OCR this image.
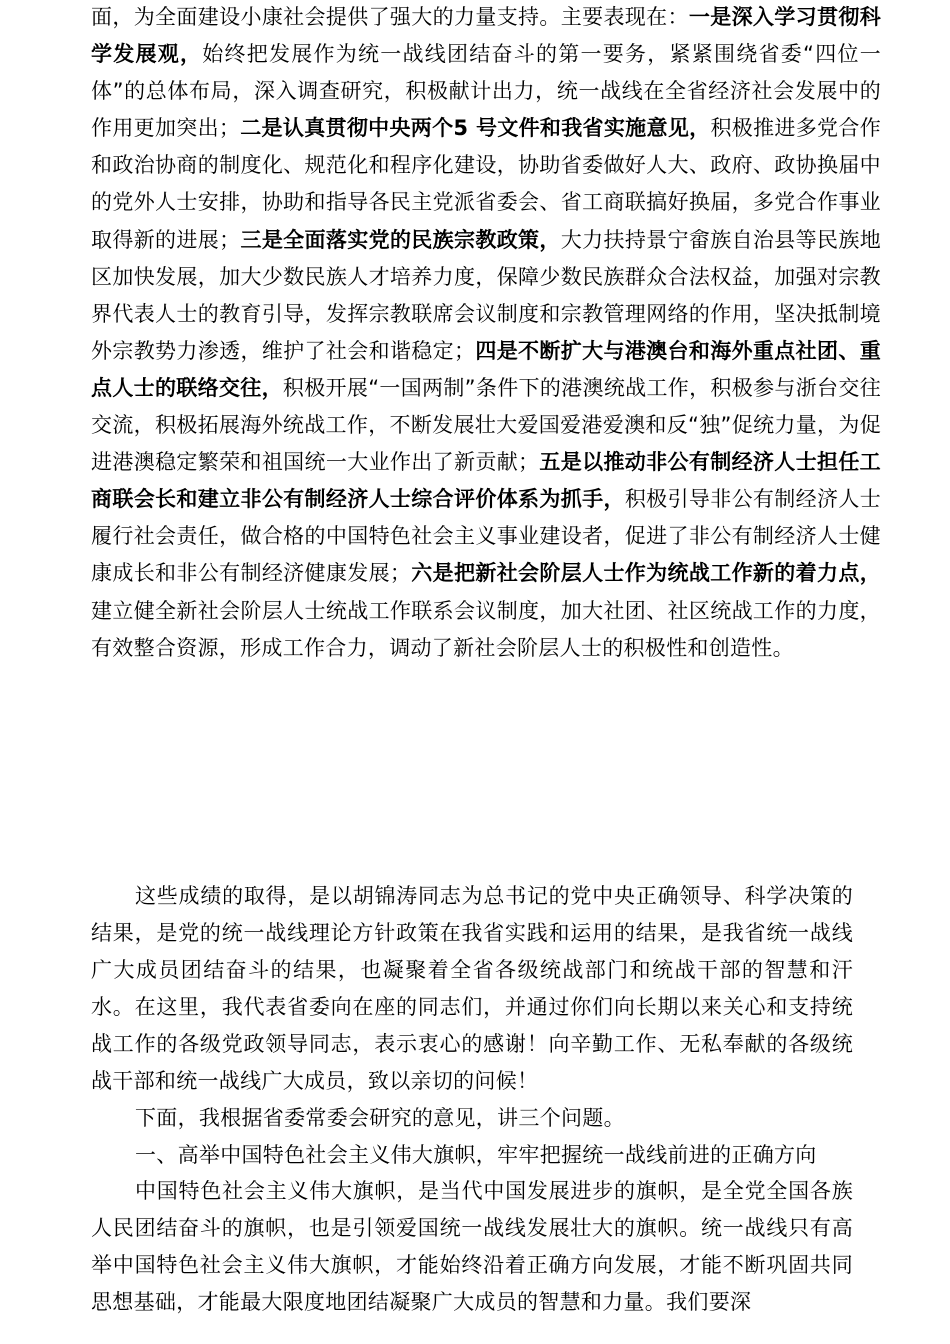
面，为全面建设小康社会提供了强大的力量支持。主要表现在：一是深入学习贯彻科学发展观，始终把发展作为统一战线团结奋斗的第一要务，紧紧围绕省委“四位一体”的总体布局，深入调查研究，积极献计出力，统一战线在全省经济社会发展中的作用更加突出；二是认真贯彻中央两个5 号文件和我省实施意见，积极推进多党合作和政治协商的制度化、规范化和程序化建设，协助省委做好人大、政府、政协换届中的党外人士安排，协助和指导各民主党派省委会、省工商联搞好换届，多党合作事业取得新的进展；三是全面落实党的民族宗教政策，大力扶持景宁畲族自治县等民族地区加快发展，加大少数民族人才培养力度，保障少数民族群众合法权益，加强对宗教界代表人士的教育引导，发挥宗教联席会议制度和宗教管理网络的作用，坚决抵制境外宗教势力渗透，维护了社会和谐稳定；四是不断扩大与港澳台和海外重点社团、重点人士的联络交往，积极开展“一国两制”条件下的港澳统战工作，积极参与浙台交往交流，积极拓展海外统战工作，不断发展壮大爱国爱港爱澳和反“独”促统力量，为促进港澳稳定繁荣和祖国统一大业作出了新贡献；五是以推动非公有制经济人士担任工商联会长和建立非公有制经济人士综合评价体系为抓手，积极引导非公有制经济人士履行社会责任，做合格的中国特色社会主义事业建设者，促进了非公有制经济人士健康成长和非公有制经济健康发展；六是把新社会阶层人士作为统战工作新的着力点，建立健全新社会阶层人士统战工作联系会议制度，加大社团、社区统战工作的力度，有效整合资源，形成工作合力，调动了新社会阶层人士的积极性和创造性。

这些成绩的取得，是以胡锦涛同志为总书记的党中央正确领导、科学决策的结果，是党的统一战线理论方针政策在我省实践和运用的结果，是我省统一战线广大成员团结奋斗的结果，也凝聚着全省各级统战部门和统战干部的智慧和汗水。在这里，我代表省委向在座的同志们，并通过你们向长期以来关心和支持统战工作的各级党政领导同志，表示衷心的感谢！向辛勤工作、无私奉献的各级统战干部和统一战线广大成员，致以亲切的问候！

下面，我根据省委常委会研究的意见，讲三个问题。

一、高举中国特色社会主义伟大旗帜，牢牢把握统一战线前进的正确方向

中国特色社会主义伟大旗帜，是当代中国发展进步的旗帜，是全党全国各族人民团结奋斗的旗帜，也是引领爱国统一战线发展壮大的旗帜。统一战线只有高举中国特色社会主义伟大旗帜，才能始终沿着正确方向发展，才能不断巩固共同思想基础，才能最大限度地团结凝聚广大成员的智慧和力量。我们要深
